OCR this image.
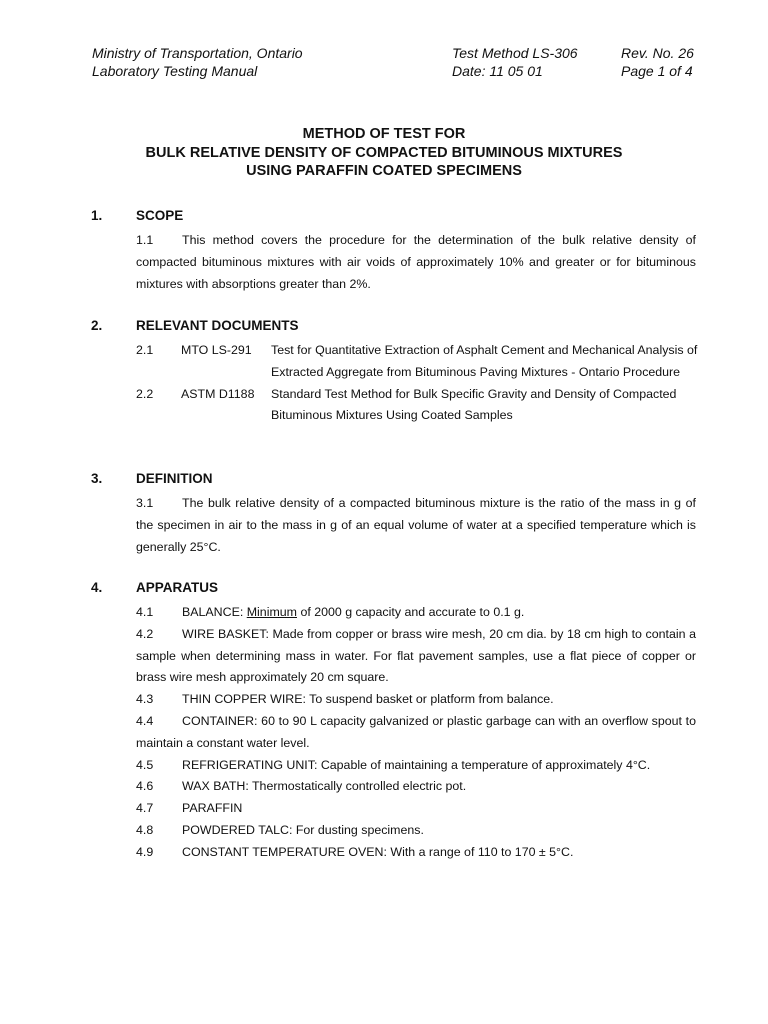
Ministry of Transportation, Ontario
Laboratory Testing Manual
Test Method LS-306
Date: 11 05 01
Rev. No. 26
Page 1 of 4
METHOD OF TEST FOR
BULK RELATIVE DENSITY OF COMPACTED BITUMINOUS MIXTURES
USING PARAFFIN COATED SPECIMENS
1. SCOPE
1.1 This method covers the procedure for the determination of the bulk relative density of compacted bituminous mixtures with air voids of approximately 10% and greater or for bituminous mixtures with absorptions greater than 2%.
2. RELEVANT DOCUMENTS
2.1 MTO LS-291 Test for Quantitative Extraction of Asphalt Cement and Mechanical Analysis of Extracted Aggregate from Bituminous Paving Mixtures - Ontario Procedure
2.2 ASTM D1188 Standard Test Method for Bulk Specific Gravity and Density of Compacted Bituminous Mixtures Using Coated Samples
3. DEFINITION
3.1 The bulk relative density of a compacted bituminous mixture is the ratio of the mass in g of the specimen in air to the mass in g of an equal volume of water at a specified temperature which is generally 25°C.
4. APPARATUS
4.1 BALANCE: Minimum of 2000 g capacity and accurate to 0.1 g.
4.2 WIRE BASKET: Made from copper or brass wire mesh, 20 cm dia. by 18 cm high to contain a sample when determining mass in water. For flat pavement samples, use a flat piece of copper or brass wire mesh approximately 20 cm square.
4.3 THIN COPPER WIRE: To suspend basket or platform from balance.
4.4 CONTAINER: 60 to 90 L capacity galvanized or plastic garbage can with an overflow spout to maintain a constant water level.
4.5 REFRIGERATING UNIT: Capable of maintaining a temperature of approximately 4°C.
4.6 WAX BATH: Thermostatically controlled electric pot.
4.7 PARAFFIN
4.8 POWDERED TALC: For dusting specimens.
4.9 CONSTANT TEMPERATURE OVEN: With a range of 110 to 170 ± 5°C.
